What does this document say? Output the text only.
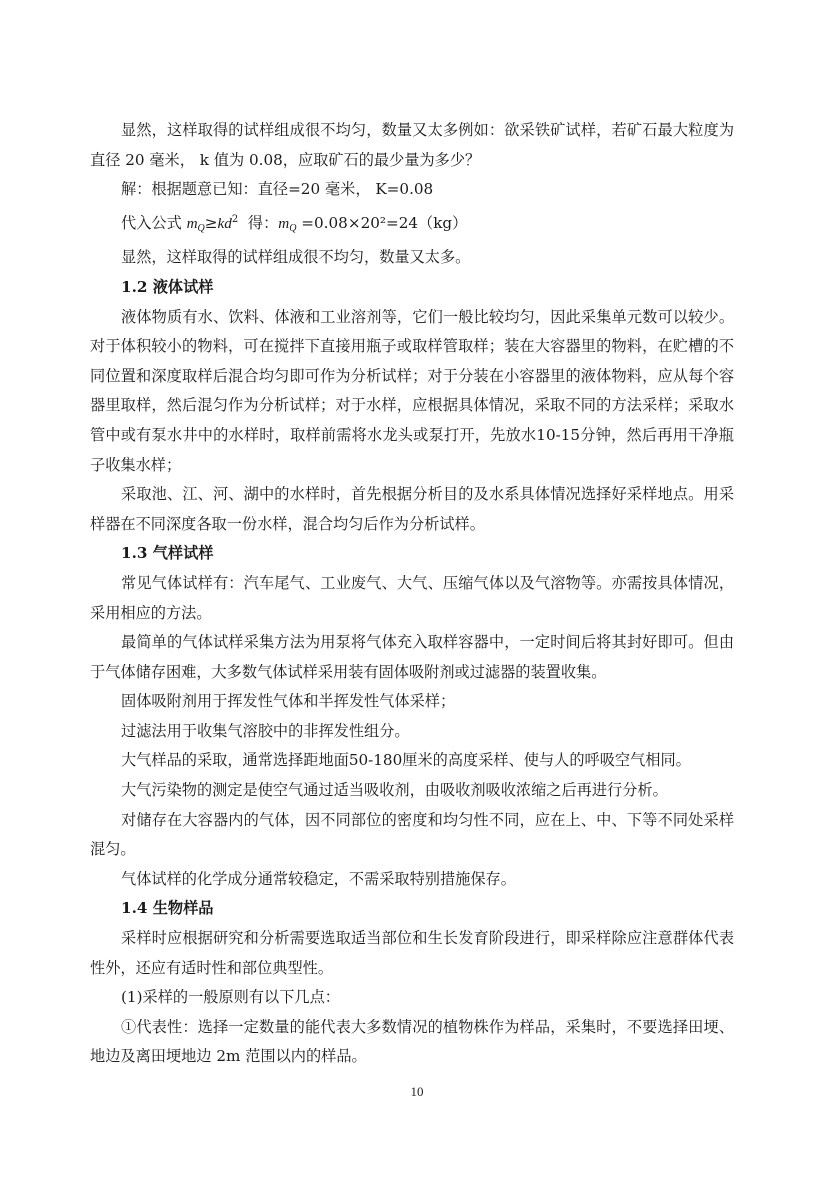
显然，这样取得的试样组成很不均匀，数量又太多例如：欲采铁矿试样，若矿石最大粒度为直径 20 毫米， k 值为 0.08，应取矿石的最少量为多少？

解：根据题意已知：直径=20 毫米， K=0.08

代入公式 $m_Q\ge kd^2$  得：$m_Q =0.08\times 20^2=24(kg)$

显然，这样取得的试样组成很不均匀，数量又太多。

1.2 液体试样

液体物质有水、饮料、体液和工业溶剂等，它们一般比较均匀，因此采集单元数可以较少。对于体积较小的物料，可在搅拌下直接用瓶子或取样管取样；装在大容器里的物料，在贮槽的不同位置和深度取样后混合均匀即可作为分析试样；对于分装在小容器里的液体物料，应从每个容器里取样，然后混匀作为分析试样；对于水样，应根据具体情况，采取不同的方法采样；采取水管中或有泵水井中的水样时，取样前需将水龙头或泵打开，先放水10-15分钟，然后再用干净瓶子收集水样；

采取池、江、河、湖中的水样时，首先根据分析目的及水系具体情况选择好采样地点。用采样器在不同深度各取一份水样，混合均匀后作为分析试样。

1.3 气样试样

常见气体试样有：汽车尾气、工业废气、大气、压缩气体以及气溶物等。亦需按具体情况，采用相应的方法。

最简单的气体试样采集方法为用泵将气体充入取样容器中，一定时间后将其封好即可。但由于气体储存困难，大多数气体试样采用装有固体吸附剂或过滤器的装置收集。

固体吸附剂用于挥发性气体和半挥发性气体采样；

过滤法用于收集气溶胶中的非挥发性组分。

大气样品的采取，通常选择距地面50-180厘米的高度采样、使与人的呼吸空气相同。

大气污染物的测定是使空气通过适当吸收剂，由吸收剂吸收浓缩之后再进行分析。

对储存在大容器内的气体，因不同部位的密度和均匀性不同，应在上、中、下等不同处采样混匀。

气体试样的化学成分通常较稳定，不需采取特别措施保存。

1.4 生物样品

采样时应根据研究和分析需要选取适当部位和生长发育阶段进行，即采样除应注意群体代表性外，还应有适时性和部位典型性。

(1)采样的一般原则有以下几点：

①代表性：选择一定数量的能代表大多数情况的植物株作为样品，采集时，不要选择田埂、地边及离田埂地边 2m 范围以内的样品。

10
